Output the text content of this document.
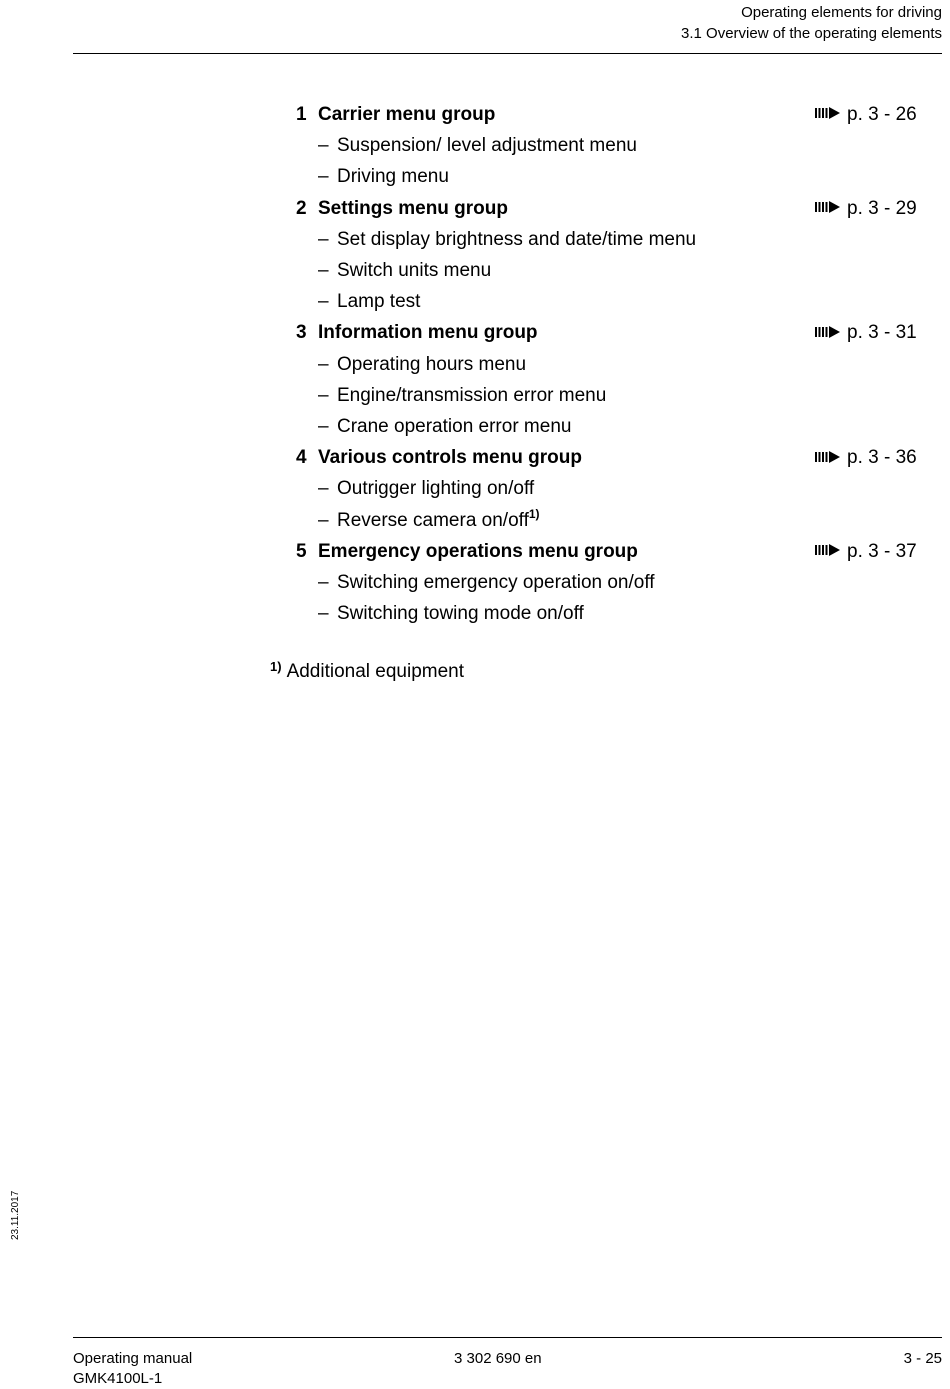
Operating elements for driving
3.1 Overview of the operating elements
1 Carrier menu group	p. 3 - 26
– Suspension/ level adjustment menu
– Driving menu
2 Settings menu group	p. 3 - 29
– Set display brightness and date/time menu
– Switch units menu
– Lamp test
3 Information menu group	p. 3 - 31
– Operating hours menu
– Engine/transmission error menu
– Crane operation error menu
4 Various controls menu group	p. 3 - 36
– Outrigger lighting on/off
– Reverse camera on/off$^{1)}$
5 Emergency operations menu group	p. 3 - 37
– Switching emergency operation on/off
– Switching towing mode on/off
$^{1)}$ Additional equipment
23.11.2017
Operating manual
GMK4100L-1
3 302 690 en	3 - 25
